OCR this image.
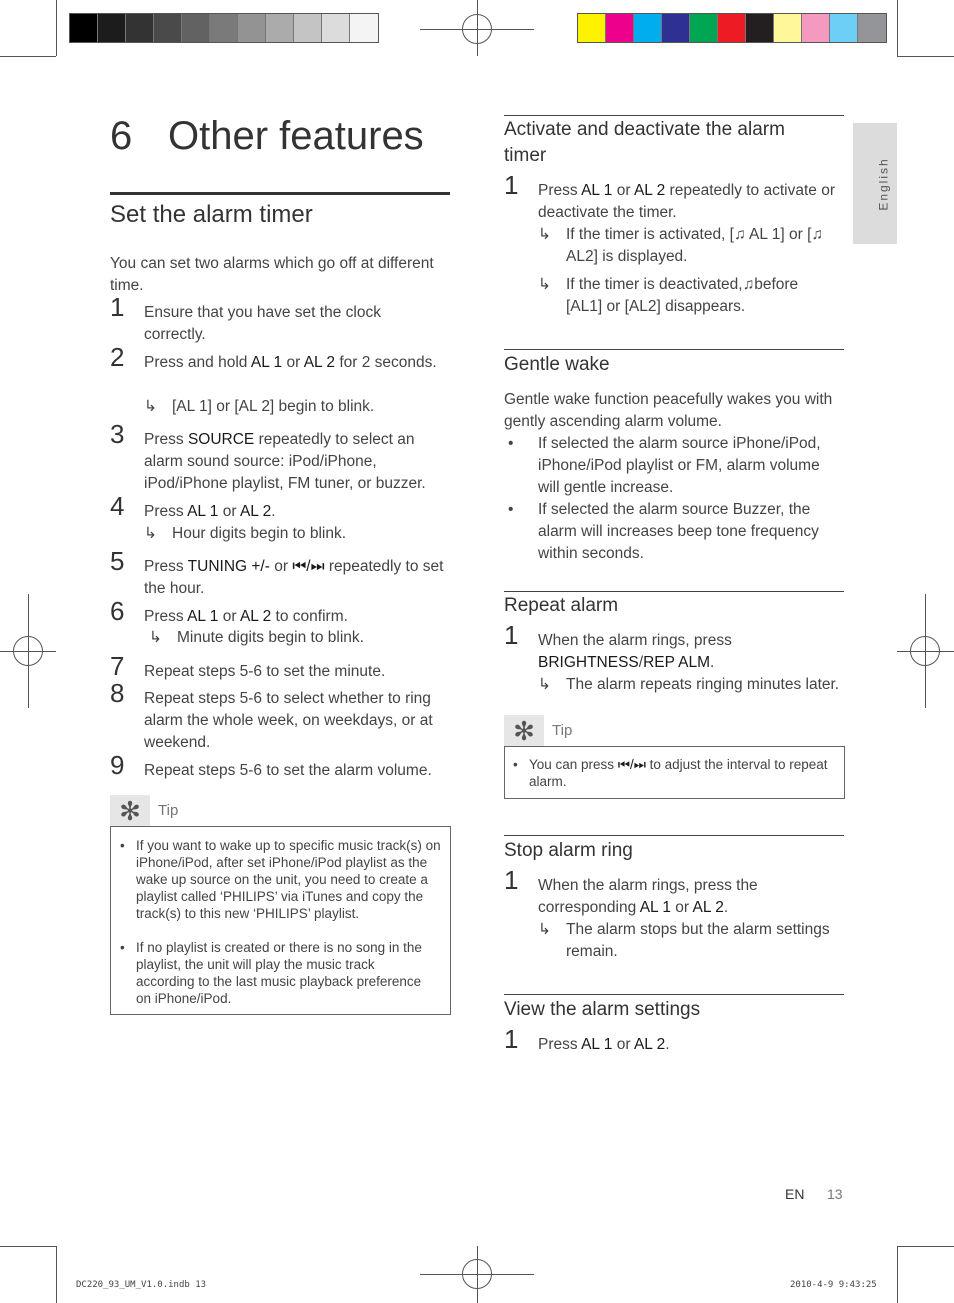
English
6 Other features
Set the alarm timer
You can set two alarms which go off at different time.
1 Ensure that you have set the clock correctly.
2 Press and hold AL 1 or AL 2 for 2 seconds.
↳ [AL 1] or [AL 2] begin to blink.
3 Press SOURCE repeatedly to select an alarm sound source: iPod/iPhone, iPod/iPhone playlist, FM tuner, or buzzer.
4 Press AL 1 or AL 2.
↳ Hour digits begin to blink.
5 Press TUNING +/- or ⏮/⏭ repeatedly to set the hour.
6 Press AL 1 or AL 2 to confirm.
↳ Minute digits begin to blink.
7 Repeat steps 5-6 to set the minute.
8 Repeat steps 5-6 to select whether to ring alarm the whole week, on weekdays, or at weekend.
9 Repeat steps 5-6 to set the alarm volume.
✻	Tip
• If you want to wake up to specific music track(s) on iPhone/iPod, after set iPhone/iPod playlist as the wake up source on the unit, you need to create a playlist called ‘PHILIPS’ via iTunes and copy the track(s) to this new ‘PHILIPS’ playlist.
• If no playlist is created or there is no song in the playlist, the unit will play the music track according to the last music playback preference on iPhone/iPod.
Activate and deactivate the alarm timer
1 Press AL 1 or AL 2 repeatedly to activate or deactivate the timer.
↳ If the timer is activated, [♫ AL 1] or [♫ AL2] is displayed.
↳ If the timer is deactivated,♫before [AL1] or [AL2] disappears.
Gentle wake
Gentle wake function peacefully wakes you with gently ascending alarm volume.
• If selected the alarm source iPhone/iPod, iPhone/iPod playlist or FM, alarm volume will gentle increase.
• If selected the alarm source Buzzer, the alarm will increases beep tone frequency within seconds.
Repeat alarm
1 When the alarm rings, press BRIGHTNESS/REP ALM.
↳ The alarm repeats ringing minutes later.
✻	Tip
• You can press ⏮/⏭ to adjust the interval to repeat alarm.
Stop alarm ring
1 When the alarm rings, press the corresponding AL 1 or AL 2.
↳ The alarm stops but the alarm settings remain.
View the alarm settings
1 Press AL 1 or AL 2.
EN 13
DC220_93_UM_V1.0.indb 13	2010-4-9 9:43:25
